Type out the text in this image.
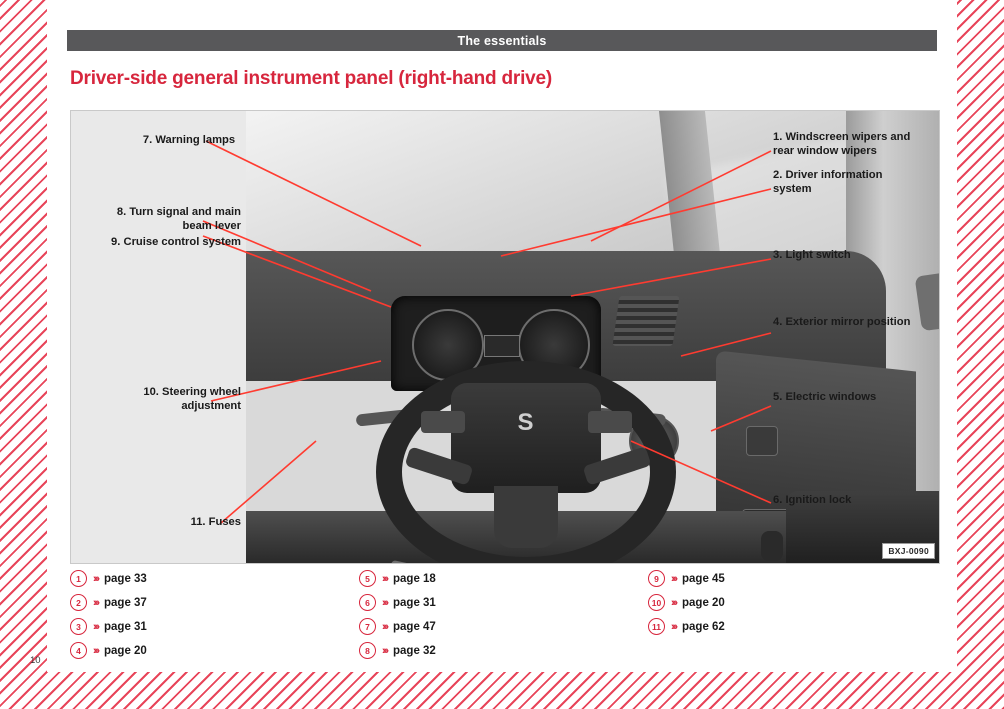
The essentials
Driver-side general instrument panel (right-hand drive)
S
BXJ-0090
7. Warning lamps
8. Turn signal and main beam lever
9. Cruise control system
10. Steering wheel adjustment
11. Fuses
1. Windscreen wipers and rear window wipers
2. Driver information system
3. Light switch
4. Exterior mirror position
5. Electric windows
6. Ignition lock
1	››› page 33
2	››› page 37
3	››› page 31
4	››› page 20
5	››› page 18
6	››› page 31
7	››› page 47
8	››› page 32
9	››› page 45
10 ››› page 20
11 ››› page 62
10
